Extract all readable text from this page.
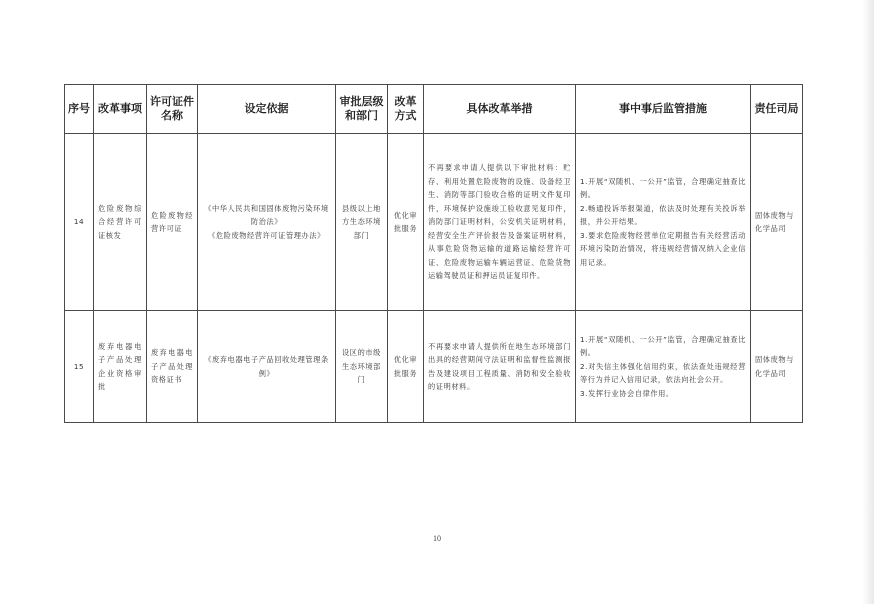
序号	改革事项	许可证件名称	设定依据	审批层级和部门	改革方式	具体改革举措	事中事后监管措施	责任司局
14	危险废物综合经营许可证核发	危险废物经营许可证	《中华人民共和国固体废物污染环境防治法》
《危险废物经营许可证管理办法》	县级以上地方生态环境部门	优化审批服务	不再要求申请人提供以下审批材料：贮存、利用处置危险废物的设施、设备经卫生、消防等部门验收合格的证明文件复印件，环境保护设施竣工验收意见复印件，消防部门证明材料，公安机关证明材料，经营安全生产评价报告及备案证明材料，从事危险货物运输的道路运输经营许可证、危险废物运输车辆运营证、危险货物运输驾驶员证和押运员证复印件。	1.开展“双随机、一公开”监管，合理确定抽查比例。
2.畅通投诉举报渠道，依法及时处理有关投诉举报，并公开结果。
3.要求危险废物经营单位定期报告有关经营活动环境污染防治情况，将违规经营情况纳入企业信用记录。	固体废物与化学品司
15	废弃电器电子产品处理企业资格审批	废弃电器电子产品处理资格证书	《废弃电器电子产品回收处理管理条例》	设区的市级生态环境部门	优化审批服务	不再要求申请人提供所在地生态环境部门出具的经营期间守法证明和监督性监测报告及建设项目工程质量、消防和安全验收的证明材料。	1.开展“双随机、一公开”监管，合理确定抽查比例。
2.对失信主体强化信用约束，依法查处违规经营等行为并记入信用记录，依法向社会公开。
3.发挥行业协会自律作用。	固体废物与化学品司
10
